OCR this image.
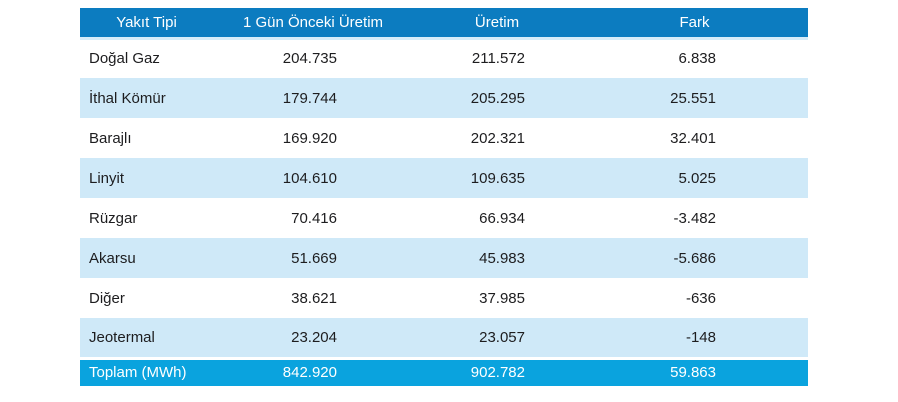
Yakıt Tipi	1 Gün Önceki Üretim	Üretim	Fark
Doğal Gaz	204.735	211.572	6.838
İthal Kömür	179.744	205.295	25.551
Barajlı	169.920	202.321	32.401
Linyit	104.610	109.635	5.025
Rüzgar	70.416	66.934	-3.482
Akarsu	51.669	45.983	-5.686
Diğer	38.621	37.985	-636
Jeotermal	23.204	23.057	-148
Toplam (MWh)	842.920	902.782	59.863
